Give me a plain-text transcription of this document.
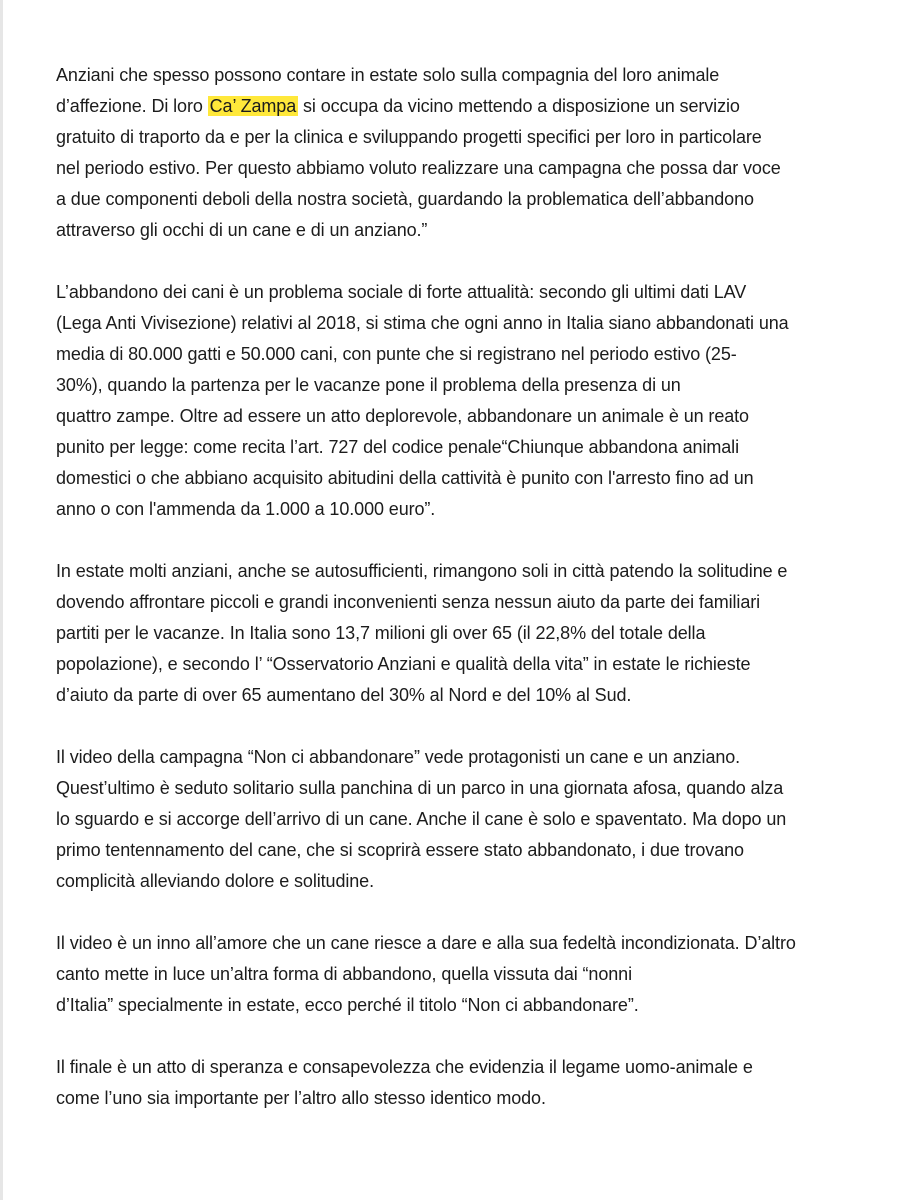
Anziani che spesso possono contare in estate solo sulla compagnia del loro animale
d’affezione. Di loro Ca’ Zampa si occupa da vicino mettendo a disposizione un servizio
gratuito di traporto da e per la clinica e sviluppando progetti specifici per loro in particolare
nel periodo estivo. Per questo abbiamo voluto realizzare una campagna che possa dar voce
a due componenti deboli della nostra società, guardando la problematica dell’abbandono
attraverso gli occhi di un cane e di un anziano.”
L’abbandono dei cani è un problema sociale di forte attualità: secondo gli ultimi dati LAV
(Lega Anti Vivisezione) relativi al 2018, si stima che ogni anno in Italia siano abbandonati una
media di 80.000 gatti e 50.000 cani, con punte che si registrano nel periodo estivo (25-
30%), quando la partenza per le vacanze pone il problema della presenza di un
quattro zampe. Oltre ad essere un atto deplorevole, abbandonare un animale è un reato
punito per legge: come recita l’art. 727 del codice penale“Chiunque abbandona animali
domestici o che abbiano acquisito abitudini della cattività è punito con l'arresto fino ad un
anno o con l'ammenda da 1.000 a 10.000 euro”.
In estate molti anziani, anche se autosufficienti, rimangono soli in città patendo la solitudine e
dovendo affrontare piccoli e grandi inconvenienti senza nessun aiuto da parte dei familiari
partiti per le vacanze. In Italia sono 13,7 milioni gli over 65 (il 22,8% del totale della
popolazione), e secondo l’ “Osservatorio Anziani e qualità della vita” in estate le richieste
d’aiuto da parte di over 65 aumentano del 30% al Nord e del 10% al Sud.
Il video della campagna “Non ci abbandonare” vede protagonisti un cane e un anziano.
Quest’ultimo è seduto solitario sulla panchina di un parco in una giornata afosa, quando alza
lo sguardo e si accorge dell’arrivo di un cane. Anche il cane è solo e spaventato. Ma dopo un
primo tentennamento del cane, che si scoprirà essere stato abbandonato, i due trovano
complicità alleviando dolore e solitudine.
Il video è un inno all’amore che un cane riesce a dare e alla sua fedeltà incondizionata. D’altro
canto mette in luce un’altra forma di abbandono, quella vissuta dai “nonni
d’Italia” specialmente in estate, ecco perché il titolo “Non ci abbandonare”.
Il finale è un atto di speranza e consapevolezza che evidenzia il legame uomo-animale e
come l’uno sia importante per l’altro allo stesso identico modo.
